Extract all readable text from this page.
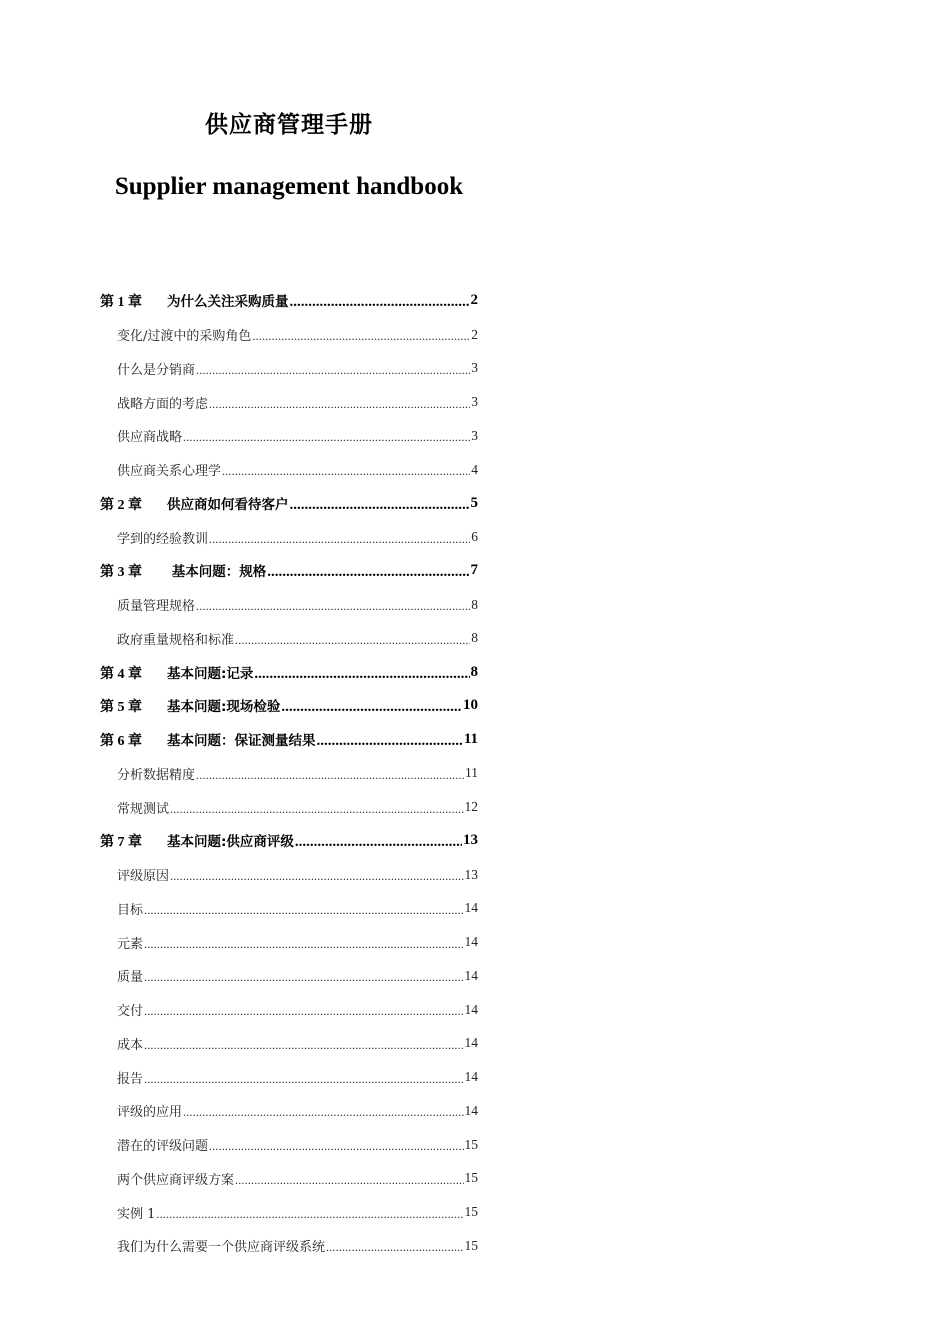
供应商管理手册
Supplier management handbook
第 1 章 为什么关注采购质量 .....	2
变化/过渡中的采购角色 .....	2
什么是分销商 .....	3
战略方面的考虑 .....	3
供应商战略 .....	3
供应商关系心理学 .....	4
第 2 章 供应商如何看待客户 .....	5
学到的经验教训 .....	6
第 3 章 基本问题：规格 .....	7
质量管理规格 .....	8
政府重量规格和标准 .....	8
第 4 章 基本问题:记录 .....	8
第 5 章 基本问题:现场检验 .....	10
第 6 章 基本问题：保证测量结果 .....	11
分析数据精度 .....	11
常规测试 .....	12
第 7 章 基本问题:供应商评级 .....	13
评级原因 .....	13
目标 .....	14
元素 .....	14
质量 .....	14
交付 .....	14
成本 .....	14
报告 .....	14
评级的应用 .....	14
潜在的评级问题 .....	15
两个供应商评级方案 .....	15
实例 1 .....	15
我们为什么需要一个供应商评级系统 .....	15
